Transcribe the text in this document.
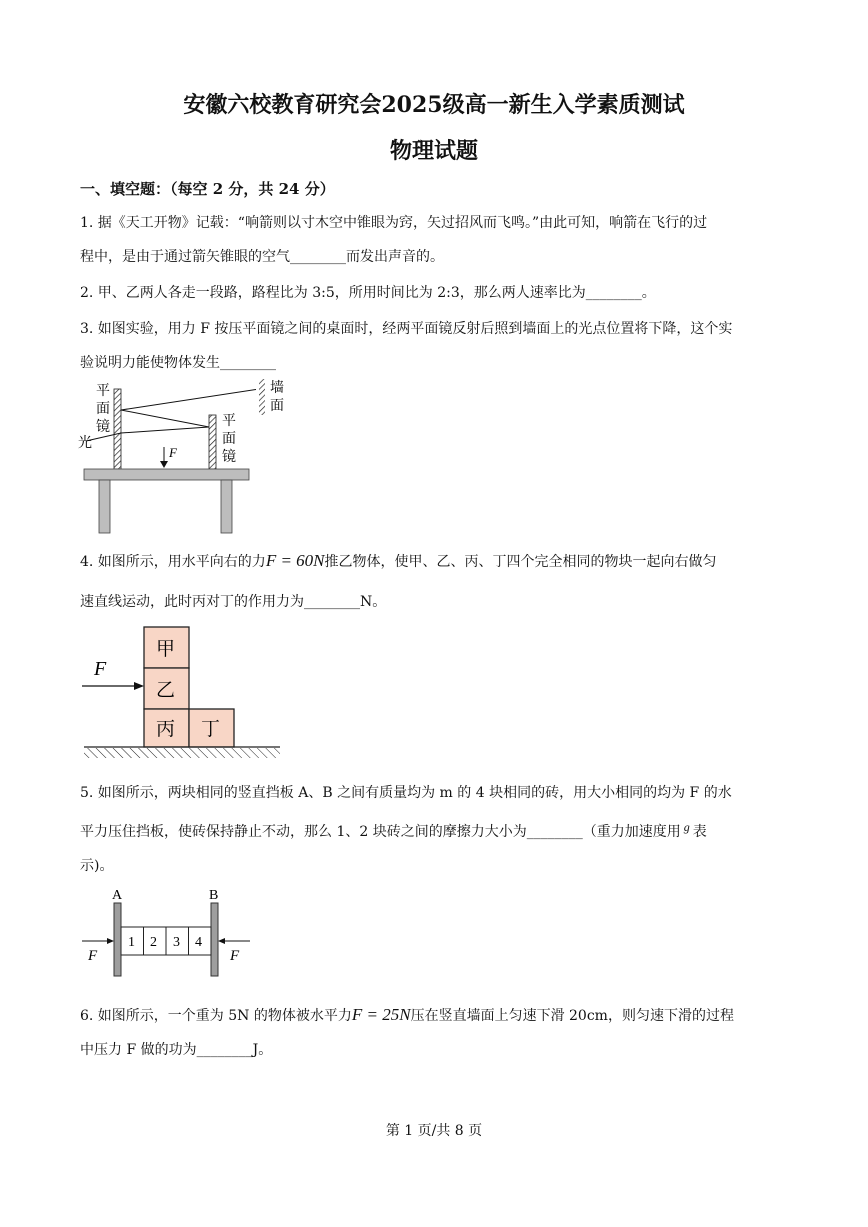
安徽六校教育研究会2025级高一新生入学素质测试
物理试题
一、填空题：（每空 2 分，共 24 分）
1. 据《天工开物》记载：“响箭则以寸木空中锥眼为窍，矢过招风而飞鸣。”由此可知，响箭在飞行的过
程中，是由于通过箭矢锥眼的空气________而发出声音的。
2. 甲、乙两人各走一段路，路程比为 3:5，所用时间比为 2:3，那么两人速率比为________。
3. 如图实验，用力 F 按压平面镜之间的桌面时，经两平面镜反射后照到墙面上的光点位置将下降，这个实
验说明力能使物体发生________
平
面
镜
光
平
面
镜
F
墙
面
4. 如图所示，用水平向右的力F = 60N推乙物体，使甲、乙、丙、丁四个完全相同的物块一起向右做匀
速直线运动，此时丙对丁的作用力为________N。
甲
乙
丙 丁
F
5. 如图所示，两块相同的竖直挡板 A、B 之间有质量均为 m 的 4 块相同的砖，用大小相同的均为 F 的水
平力压住挡板，使砖保持静止不动，那么 1、2 块砖之间的摩擦力大小为________（重力加速度用 g 表
示)。
A	B
1 2 3 4
F	F
6. 如图所示，一个重为 5N 的物体被水平力F = 25N压在竖直墙面上匀速下滑 20cm，则匀速下滑的过程
中压力 F 做的功为________J。
第 1 页/共 8 页
